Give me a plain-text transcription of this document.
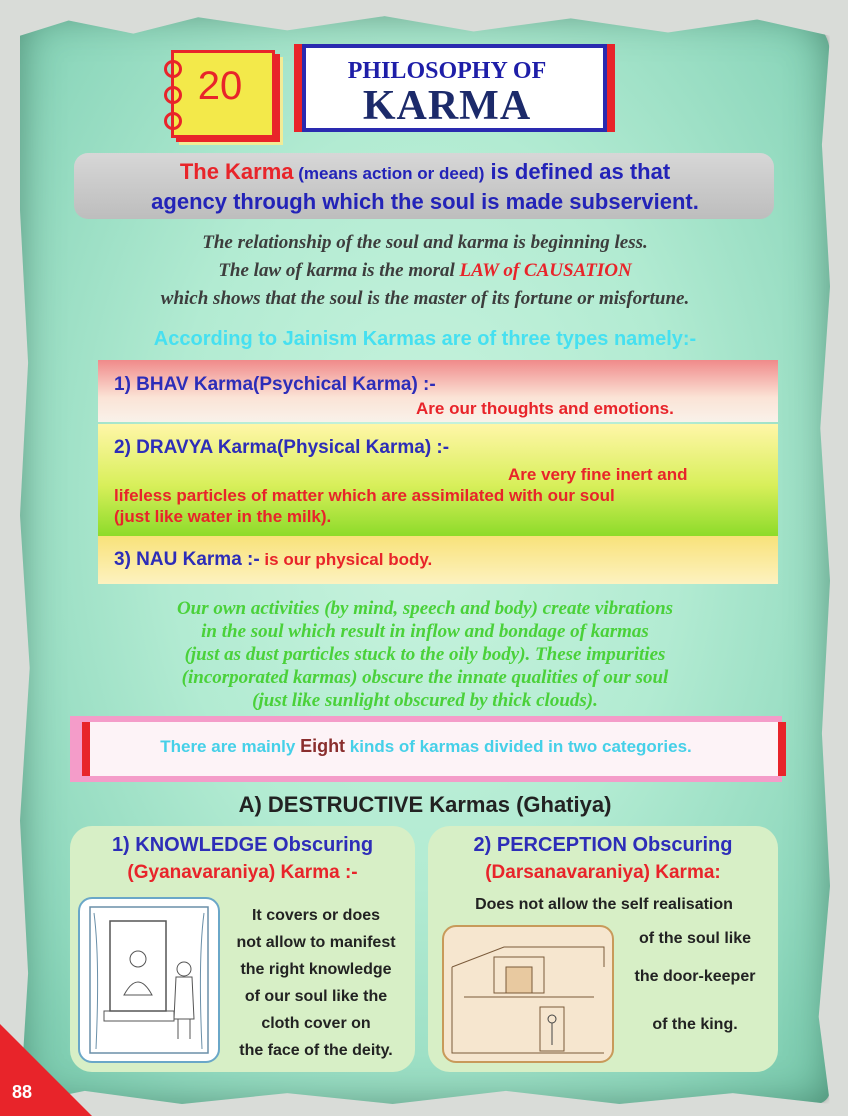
20	PHILOSOPHY OF
KARMA
The Karma (means action or deed) is defined as that
agency through which the soul is made subservient.
The relationship of the soul and karma is beginning less.
The law of karma is the moral LAW of CAUSATION
which shows that the soul is the master of its fortune or misfortune.
According to Jainism Karmas are of three types namely:-
1) BHAV Karma(Psychical Karma) :-
Are our thoughts and emotions.
2) DRAVYA Karma(Physical Karma) :-
Are very fine inert and
lifeless particles of matter which are assimilated with our soul
(just like water in the milk).
3) NAU Karma :- is our physical body.
Our own activities (by mind, speech and body) create vibrations
in the soul which result in inflow and bondage of karmas
(just as dust particles stuck to the oily body). These impurities
(incorporated karmas) obscure the innate qualities of our soul
(just like sunlight obscured by thick clouds).
There are mainly Eight kinds of karmas divided in two categories.
A) DESTRUCTIVE Karmas (Ghatiya)
1) KNOWLEDGE Obscuring
(Gyanavaraniya) Karma :-
It covers or does
not allow to manifest
the right knowledge
of our soul like the
cloth cover on
the face of the deity.
2) PERCEPTION Obscuring
(Darsanavaraniya) Karma:
Does not allow the self realisation
of the soul like
the door-keeper
of the king.
88
